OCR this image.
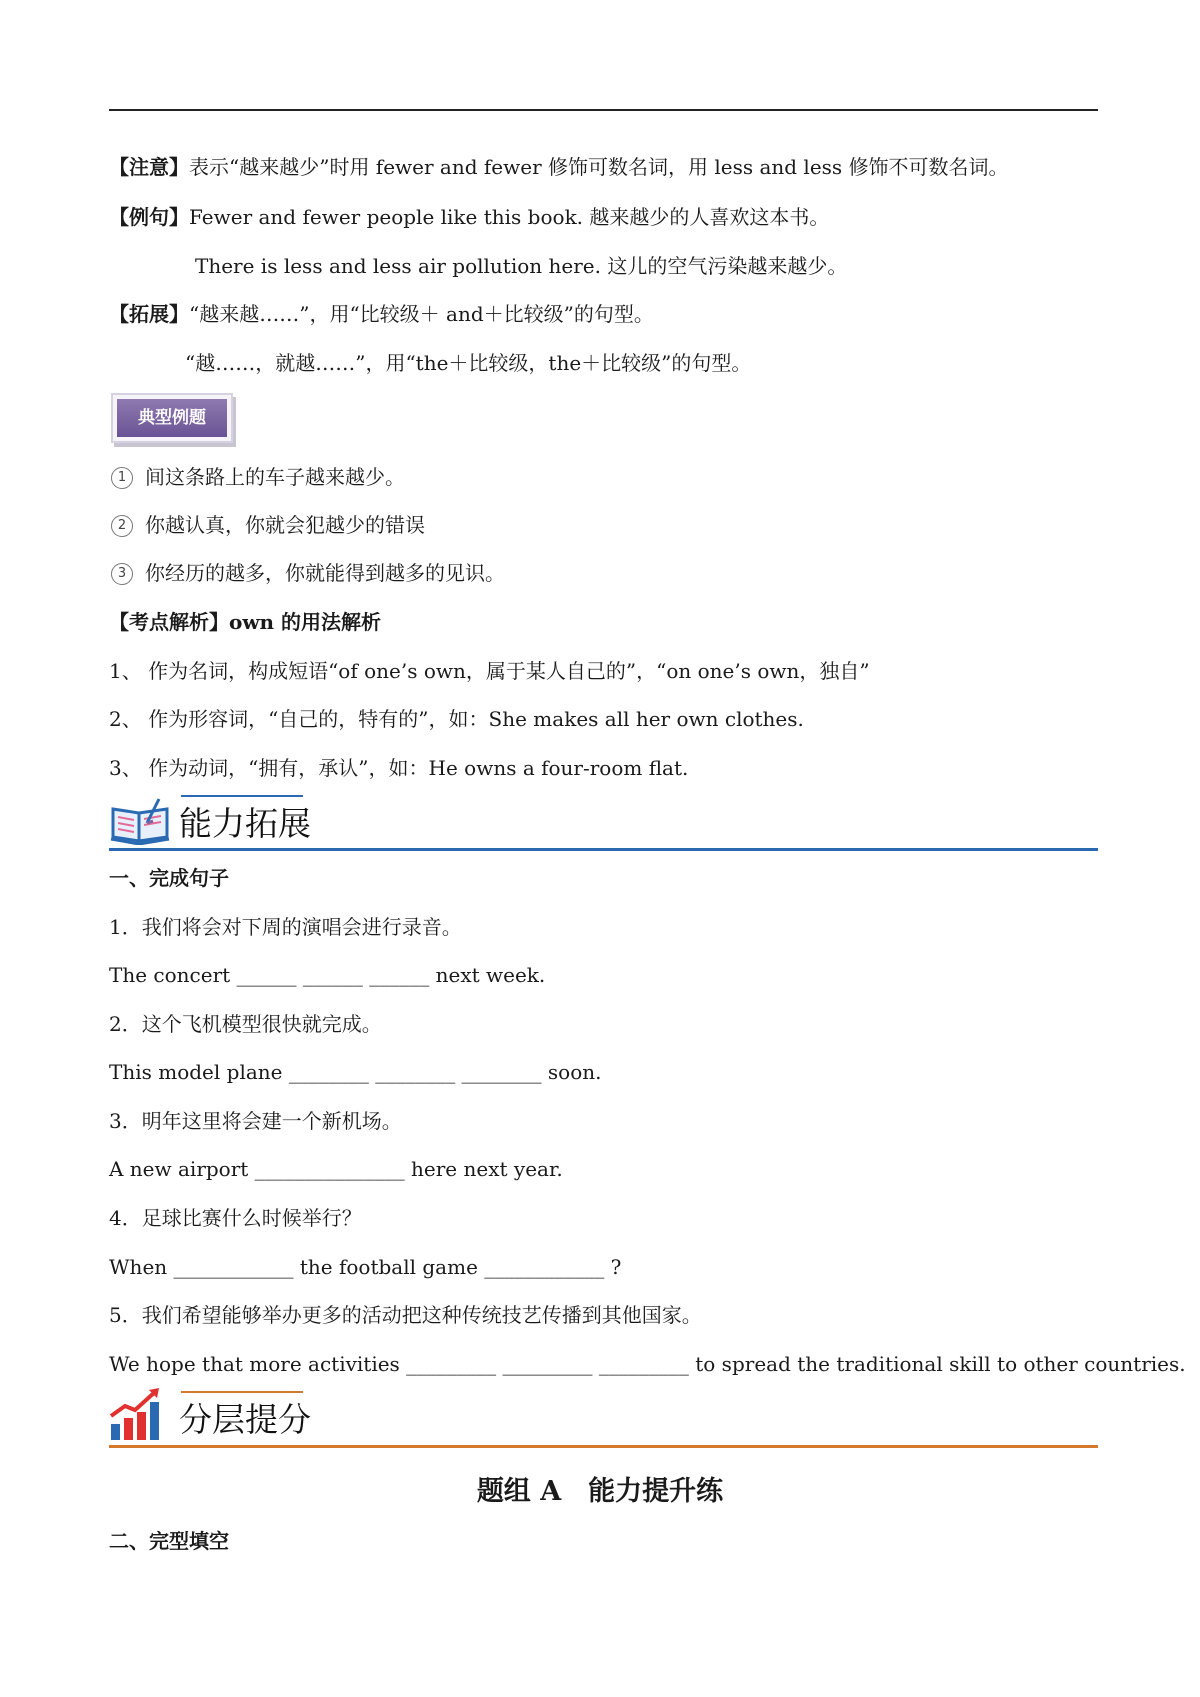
【注意】表示“越来越少”时用 fewer and fewer 修饰可数名词，用 less and less 修饰不可数名词。
【例句】Fewer and fewer people like this book. 越来越少的人喜欢这本书。
There is less and less air pollution here. 这儿的空气污染越来越少。
【拓展】“越来越……”，用“比较级＋ and＋比较级”的句型。
“越……，就越……”，用“the＋比较级，the＋比较级”的句型。
典型例题
1 间这条路上的车子越来越少。
2 你越认真，你就会犯越少的错误
3 你经历的越多，你就能得到越多的见识。
【考点解析】own 的用法解析
1、 作为名词，构成短语“of one’s own，属于某人自己的”，“on one’s own，独自”
2、 作为形容词，“自己的，特有的”，如：She makes all her own clothes.
3、 作为动词，“拥有，承认”，如：He owns a four-room flat.
能力拓展
一、完成句子
1．我们将会对下周的演唱会进行录音。
The concert ______ ______ ______ next week.
2．这个飞机模型很快就完成。
This model plane ________ ________ ________ soon.
3．明年这里将会建一个新机场。
A new airport _______________ here next year.
4．足球比赛什么时候举行？
When ____________ the football game ____________ ?
5．我们希望能够举办更多的活动把这种传统技艺传播到其他国家。
We hope that more activities _________ _________ _________ to spread the traditional skill to other countries.
分层提分
题组 A　能力提升练
二、完型填空
